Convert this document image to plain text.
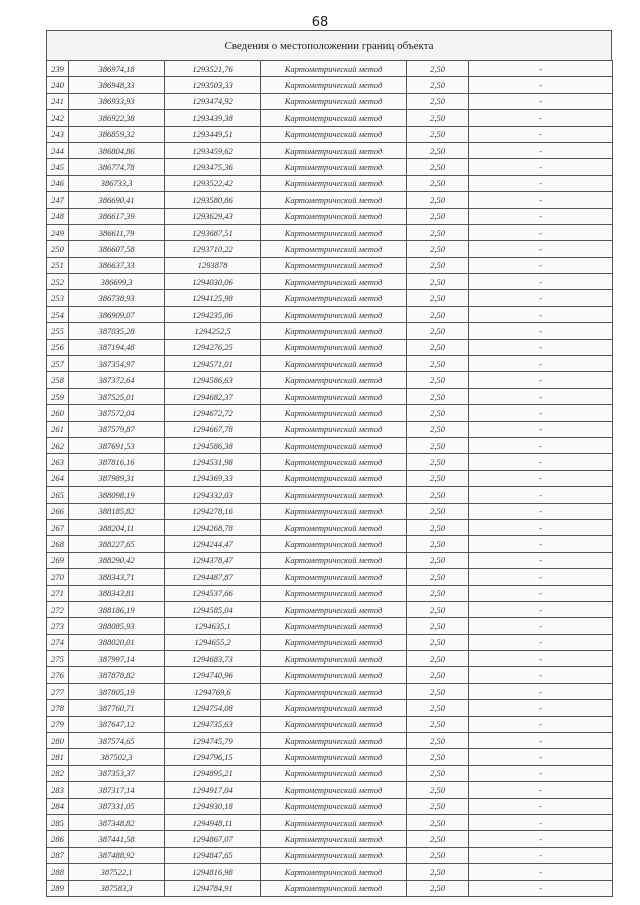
68
Сведения о местоположении границ объекта
239	386974,18	1293521,76	Картометрический метод	2,50	-
240	386948,33	1293503,33	Картометрический метод	2,50	-
241	386933,93	1293474,92	Картометрический метод	2,50	-
242	386922,38	1293439,38	Картометрический метод	2,50	-
243	386859,32	1293449,51	Картометрический метод	2,50	-
244	386804,86	1293459,62	Картометрический метод	2,50	-
245	386774,78	1293475,36	Картометрический метод	2,50	-
246	386733,3	1293522,42	Картометрический метод	2,50	-
247	386690,41	1293580,86	Картометрический метод	2,50	-
248	386617,39	1293629,43	Картометрический метод	2,50	-
249	386611,79	1293687,51	Картометрический метод	2,50	-
250	386607,58	1293710,22	Картометрический метод	2,50	-
251	386637,33	1293878	Картометрический метод	2,50	-
252	386699,3	1294030,06	Картометрический метод	2,50	-
253	386738,93	1294125,98	Картометрический метод	2,50	-
254	386909,07	1294235,06	Картометрический метод	2,50	-
255	387035,28	1294252,5	Картометрический метод	2,50	-
256	387194,48	1294276,25	Картометрический метод	2,50	-
257	387354,97	1294571,01	Картометрический метод	2,50	-
258	387372,64	1294586,63	Картометрический метод	2,50	-
259	387525,01	1294682,37	Картометрический метод	2,50	-
260	387572,04	1294672,72	Картометрический метод	2,50	-
261	387579,87	1294667,78	Картометрический метод	2,50	-
262	387691,53	1294586,38	Картометрический метод	2,50	-
263	387816,16	1294531,98	Картометрический метод	2,50	-
264	387989,31	1294369,33	Картометрический метод	2,50	-
265	388098,19	1294332,03	Картометрический метод	2,50	-
266	388185,82	1294278,16	Картометрический метод	2,50	-
267	388204,11	1294268,78	Картометрический метод	2,50	-
268	388227,65	1294244,47	Картометрический метод	2,50	-
269	388290,42	1294378,47	Картометрический метод	2,50	-
270	388343,71	1294487,87	Картометрический метод	2,50	-
271	388343,81	1294537,66	Картометрический метод	2,50	-
272	388186,19	1294585,04	Картометрический метод	2,50	-
273	388085,93	1294635,1	Картометрический метод	2,50	-
274	388020,01	1294655,2	Картометрический метод	2,50	-
275	387997,14	1294683,73	Картометрический метод	2,50	-
276	387878,82	1294740,96	Картометрический метод	2,50	-
277	387805,19	1294769,6	Картометрический метод	2,50	-
278	387760,71	1294754,08	Картометрический метод	2,50	-
279	387647,12	1294735,63	Картометрический метод	2,50	-
280	387574,65	1294745,79	Картометрический метод	2,50	-
281	387502,3	1294796,15	Картометрический метод	2,50	-
282	387353,37	1294895,21	Картометрический метод	2,50	-
283	387317,14	1294917,04	Картометрический метод	2,50	-
284	387331,05	1294930,18	Картометрический метод	2,50	-
285	387348,82	1294948,11	Картометрический метод	2,50	-
286	387441,58	1294867,07	Картометрический метод	2,50	-
287	387488,92	1294847,65	Картометрический метод	2,50	-
288	387522,1	1294816,98	Картометрический метод	2,50	-
289	387583,3	1294784,91	Картометрический метод	2,50	-
